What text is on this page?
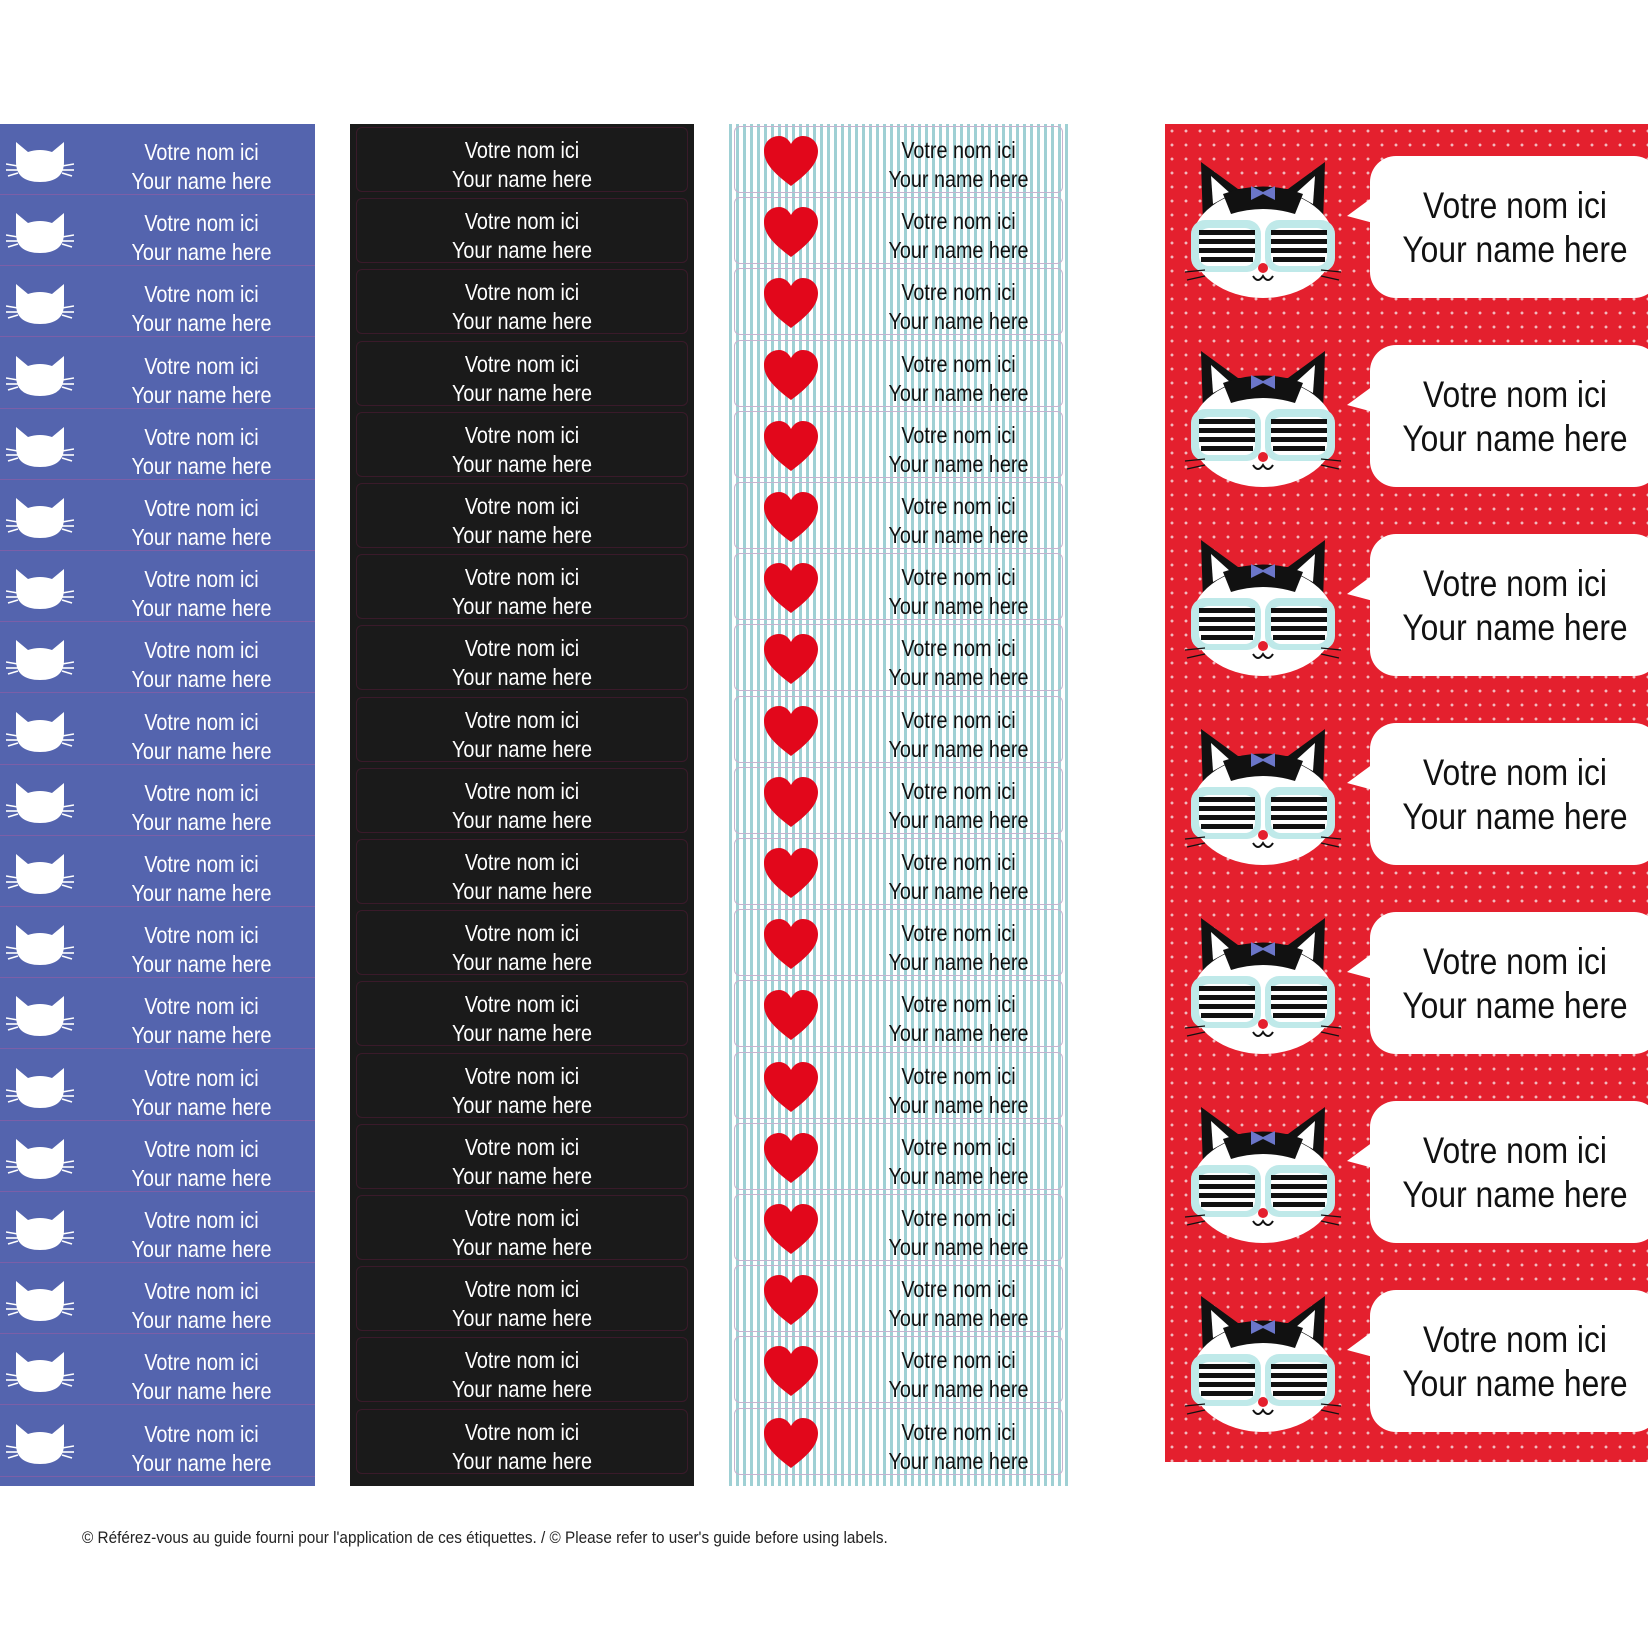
Votre nom ici
Your name here
Votre nom ici
Your name here
Votre nom ici
Your name here
Votre nom ici
Your name here
Votre nom ici
Your name here
Votre nom ici
Your name here
Votre nom ici
Your name here
Votre nom ici
Your name here
Votre nom ici
Your name here
Votre nom ici
Your name here
Votre nom ici
Your name here
Votre nom ici
Your name here
Votre nom ici
Your name here
Votre nom ici
Your name here
Votre nom ici
Your name here
Votre nom ici
Your name here
Votre nom ici
Your name here
Votre nom ici
Your name here
Votre nom ici
Your name here
Votre nom ici
Your name here
Votre nom ici
Your name here
Votre nom ici
Your name here
Votre nom ici
Your name here
Votre nom ici
Your name here
Votre nom ici
Your name here
Votre nom ici
Your name here
Votre nom ici
Your name here
Votre nom ici
Your name here
Votre nom ici
Your name here
Votre nom ici
Your name here
Votre nom ici
Your name here
Votre nom ici
Your name here
Votre nom ici
Your name here
Votre nom ici
Your name here
Votre nom ici
Your name here
Votre nom ici
Your name here
Votre nom ici
Your name here
Votre nom ici
Your name here
Votre nom ici
Your name here
Votre nom ici
Your name here
Votre nom ici
Your name here
Votre nom ici
Your name here
Votre nom ici
Your name here
Votre nom ici
Your name here
Votre nom ici
Your name here
Votre nom ici
Your name here
Votre nom ici
Your name here
Votre nom ici
Your name here
Votre nom ici
Your name here
Votre nom ici
Your name here
Votre nom ici
Your name here
Votre nom ici
Your name here
Votre nom ici
Your name here
Votre nom ici
Your name here
Votre nom ici
Your name here
Votre nom ici
Your name here
Votre nom ici
Your name here
Votre nom ici
Your name here
Votre nom ici
Your name here
Votre nom ici
Your name here
Votre nom ici
Your name here
Votre nom ici
Your name here
Votre nom ici
Your name here
Votre nom ici
Your name here
© Référez-vous au guide fourni pour l'application de ces étiquettes. / © Please refer to user's guide before using labels.
